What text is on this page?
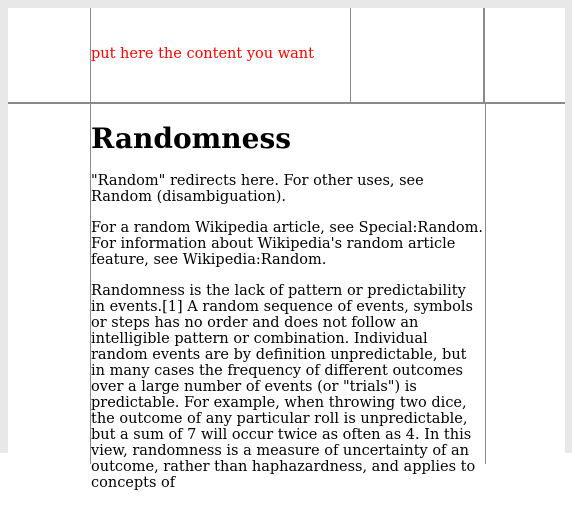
put here the content you want
Randomness

"Random" redirects here. For other uses, see Random (disambiguation).

For a random Wikipedia article, see Special:Random. For information about Wikipedia's random article feature, see Wikipedia:Random.

Randomness is the lack of pattern or predictability in events.[1] A random sequence of events, symbols or steps has no order and does not follow an intelligible pattern or combination. Individual random events are by definition unpredictable, but in many cases the frequency of different outcomes over a large number of events (or "trials") is predictable. For example, when throwing two dice, the outcome of any particular roll is unpredictable, but a sum of 7 will occur twice as often as 4. In this view, randomness is a measure of uncertainty of an outcome, rather than haphazardness, and applies to concepts of
